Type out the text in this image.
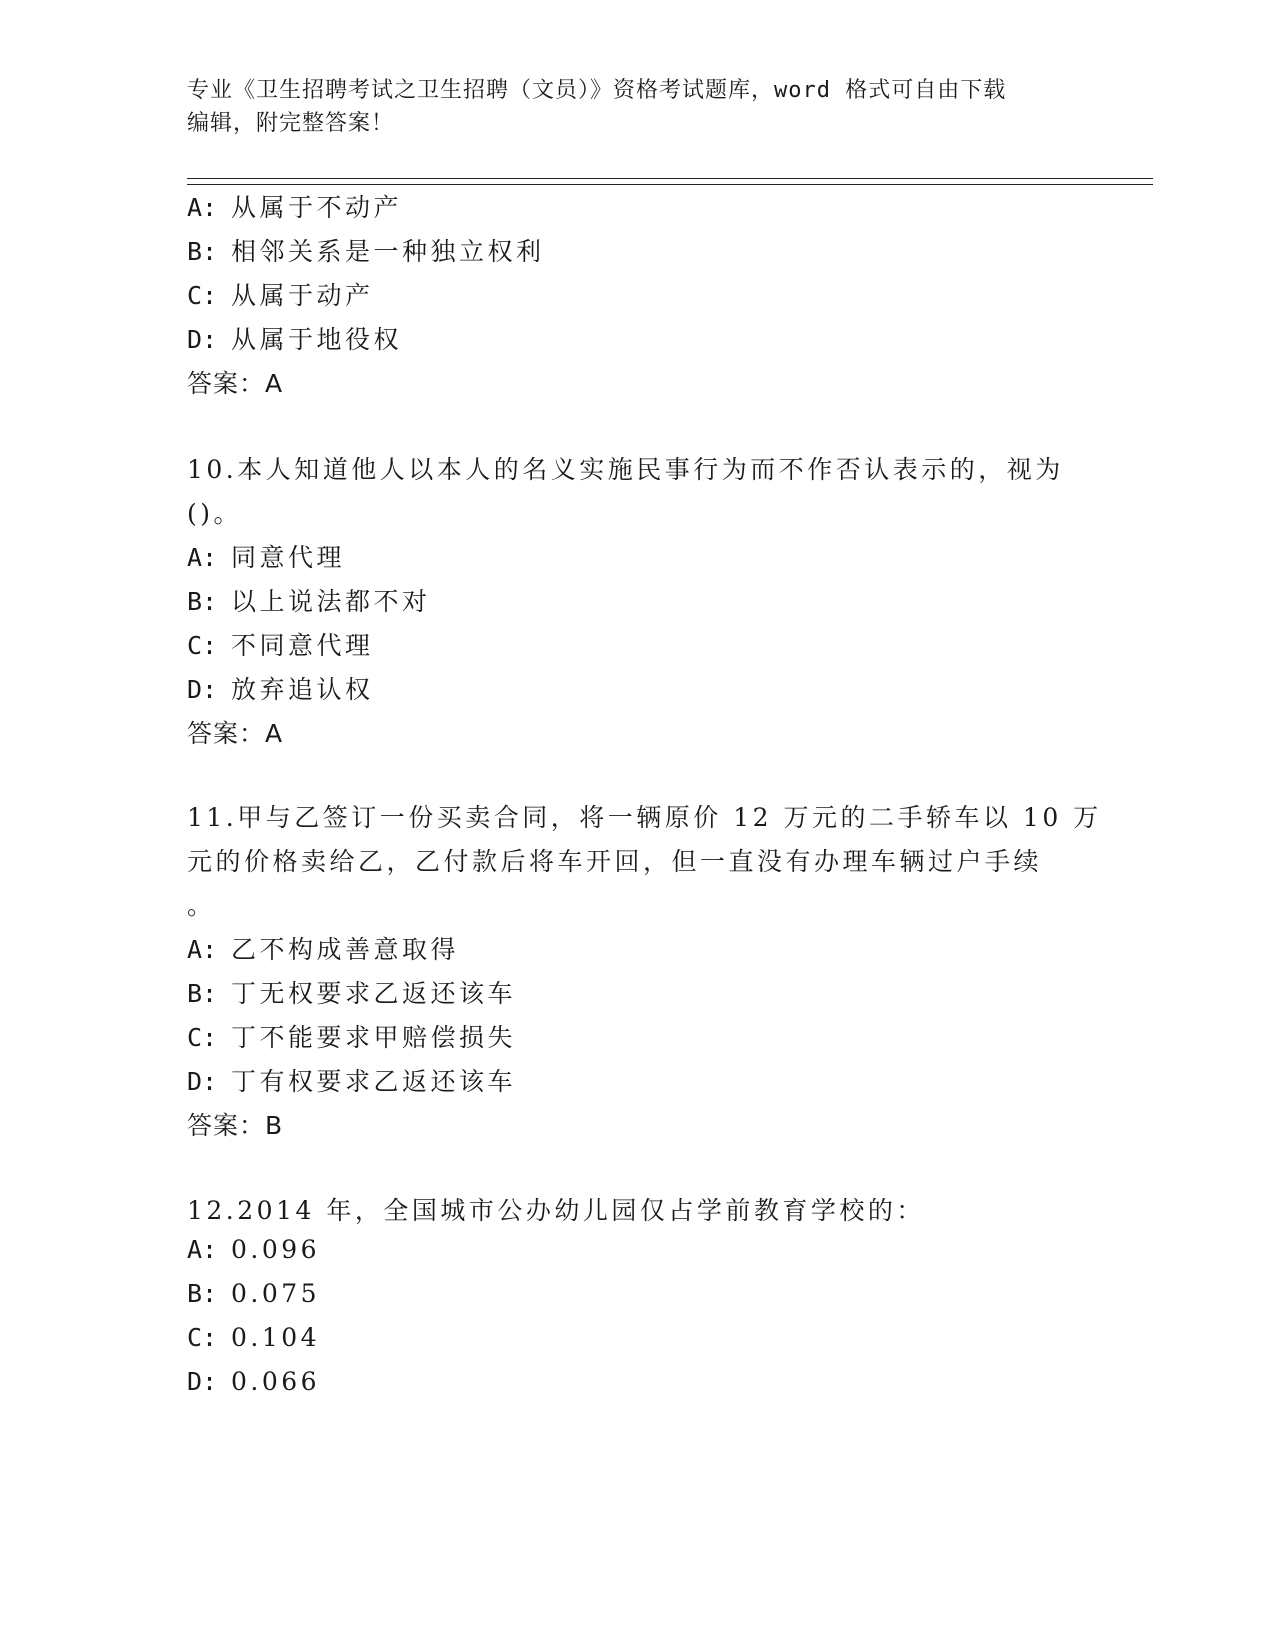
专业《卫生招聘考试之卫生招聘（文员）》资格考试题库，word 格式可自由下载
编辑，附完整答案！
A: 从属于不动产
B: 相邻关系是一种独立权利
C: 从属于动产
D: 从属于地役权
答案：A
10.本人知道他人以本人的名义实施民事行为而不作否认表示的，视为
()。
A: 同意代理
B: 以上说法都不对
C: 不同意代理
D: 放弃追认权
答案：A
11.甲与乙签订一份买卖合同，将一辆原价 12 万元的二手轿车以 10 万
元的价格卖给乙，乙付款后将车开回，但一直没有办理车辆过户手续
。
A: 乙不构成善意取得
B: 丁无权要求乙返还该车
C: 丁不能要求甲赔偿损失
D: 丁有权要求乙返还该车
答案：B
12.2014 年，全国城市公办幼儿园仅占学前教育学校的：
A: 0.096
B: 0.075
C: 0.104
D: 0.066
